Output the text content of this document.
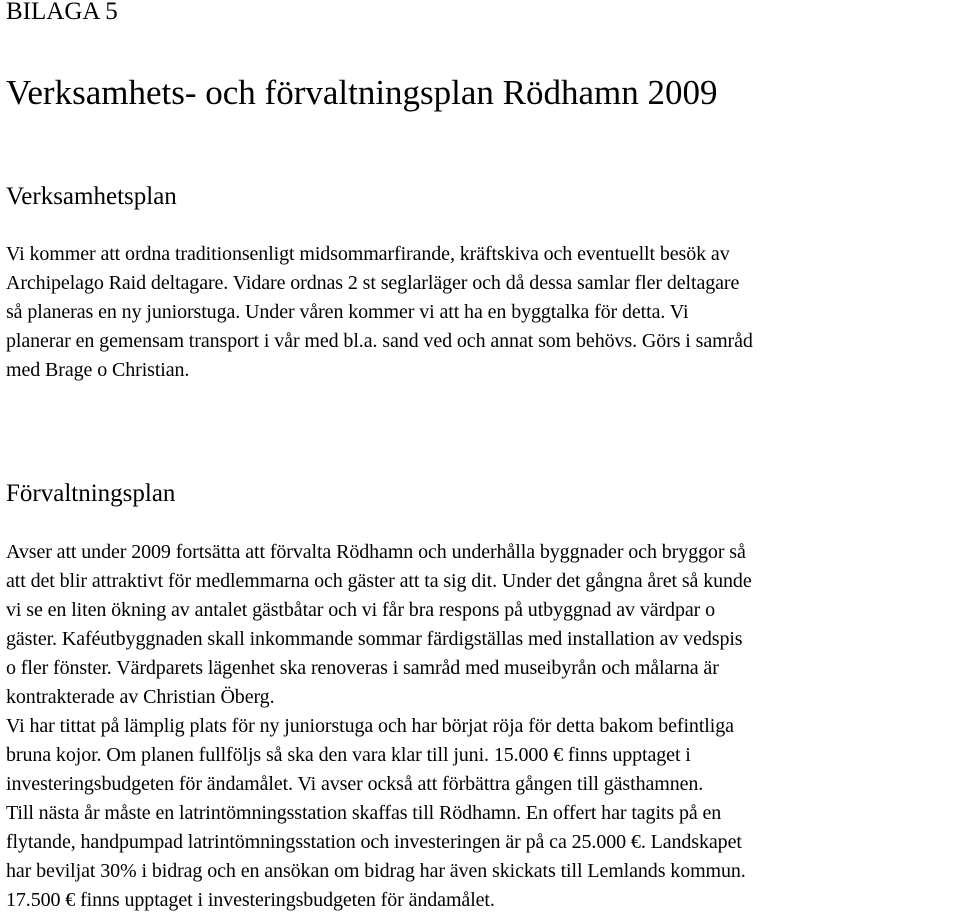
BILAGA 5
Verksamhets- och förvaltningsplan Rödhamn 2009
Verksamhetsplan

Vi kommer att ordna traditionsenligt midsommarfirande, kräftskiva och eventuellt besök av
Archipelago Raid deltagare. Vidare ordnas 2 st seglarläger och då dessa samlar fler deltagare
så planeras en ny juniorstuga. Under våren kommer vi att ha en byggtalka för detta. Vi
planerar en gemensam transport i vår med bl.a. sand ved och annat som behövs. Görs i samråd
med Brage o Christian.

Förvaltningsplan

Avser att under 2009 fortsätta att förvalta Rödhamn och underhålla byggnader och bryggor så
att det blir attraktivt för medlemmarna och gäster att ta sig dit. Under det gångna året så kunde
vi se en liten ökning av antalet gästbåtar och vi får bra respons på utbyggnad av värdpar o
gäster. Kaféutbyggnaden skall inkommande sommar färdigställas med installation av vedspis
o fler fönster. Värdparets lägenhet ska renoveras i samråd med museibyrån och målarna är
kontrakterade av Christian Öberg.
Vi har tittat på lämplig plats för ny juniorstuga och har börjat röja för detta bakom befintliga
bruna kojor. Om planen fullföljs så ska den vara klar till juni. 15.000 € finns upptaget i
investeringsbudgeten för ändamålet. Vi avser också att förbättra gången till gästhamnen.
Till nästa år måste en latrintömningsstation skaffas till Rödhamn. En offert har tagits på en
flytande, handpumpad latrintömningsstation och investeringen är på ca 25.000 €. Landskapet
har beviljat 30% i bidrag och en ansökan om bidrag har även skickats till Lemlands kommun.
17.500 € finns upptaget i investeringsbudgeten för ändamålet.
